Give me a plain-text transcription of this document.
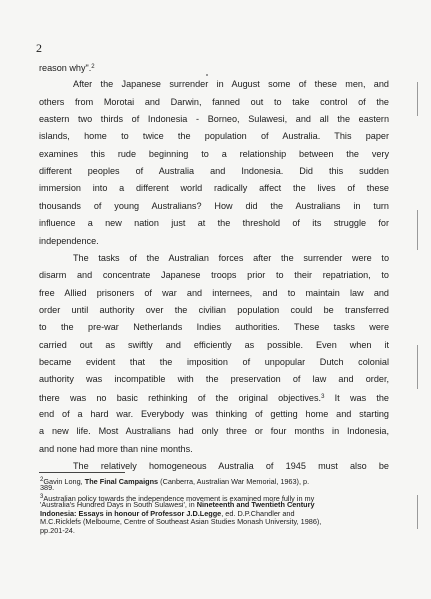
2
reason why".$^2$
After the Japanese surrender in August some of these men, and
others from Morotai and Darwin, fanned out to take control of the
eastern two thirds of Indonesia - Borneo, Sulawesi, and all the eastern
islands, home to twice the population of Australia. This paper
examines this rude beginning to a relationship between the very
different peoples of Australia and Indonesia. Did this sudden
immersion into a different world radically affect the lives of these
thousands of young Australians? How did the Australians in turn
influence a new nation just at the threshold of its struggle for
independence.
The tasks of the Australian forces after the surrender were to
disarm and concentrate Japanese troops prior to their repatriation, to
free Allied prisoners of war and internees, and to maintain law and
order until authority over the civilian population could be transferred
to the pre-war Netherlands Indies authorities. These tasks were
carried out as swiftly and efficiently as possible. Even when it
became evident that the imposition of unpopular Dutch colonial
authority was incompatible with the preservation of law and order,
there was no basic rethinking of the original objectives.$^3$ It was the
end of a hard war. Everybody was thinking of getting home and starting
a new life. Most Australians had only three or four months in Indonesia,
and none had more than nine months.
The relatively homogeneous Australia of 1945 must also be
$^2$Gavin Long, The Final Campaigns (Canberra, Australian War Memorial, 1963), p.
389.
$^3$Australian policy towards the independence movement is examined more fully in my
'Australia's Hundred Days in South Sulawesi', in Nineteenth and Twentieth Century
Indonesia: Essays in honour of Professor J.D.Legge, ed. D.P.Chandler and
M.C.Ricklefs (Melbourne, Centre of Southeast Asian Studies Monash University, 1986),
pp.201-24.
